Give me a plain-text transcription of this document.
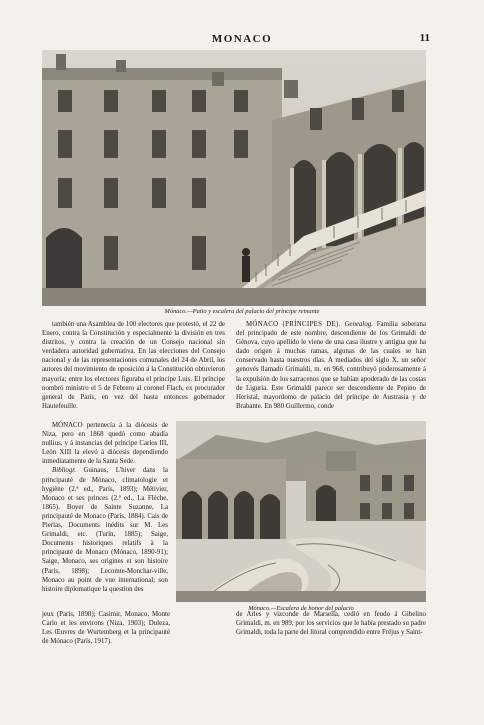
MONACO	11
Mónaco.—Patio y escalera del palacio del príncipe reinante

también una Asamblea de 100 electores que protestó, el 22 de Enero, contra la Constitución y especialmente la división en tres distritos, y contra la creación de un Consejo nacional sin verdadera autoridad gubernativa. En las elecciones del Consejo nacional y de las representaciones comunales del 24 de Abril, los autores del movimiento de oposición á la Constitución obtuvieron mayoría; entre los electores figuraba el príncipe Luis. El príncipe nombró ministro el 5 de Febrero al coronel Flach, ex procurador general de París, en vez del hasta entonces gobernador Hautefeuille.

MÓNACO (PRÍNCIPES DE). Genealog. Familia soberana del principado de este nombre, descendiente de los Grimaldi de Génova, cuyo apellido le viene de una casa ilustre y antigua que ha dado origen á muchas ramas, algunas de las cuales se han conservado hasta nuestros días. A mediados del siglo X, un señor genovés llamado Grimaldi, m. en 968, contribuyó poderosamente á la expulsión de los sarracenos que se habían apoderado de las costas de Liguria. Este Grimaldi parece ser descendiente de Pepino de Heristal, mayordomo de palacio del príncipe de Austrasia y de Brabante. En 980 Guillermo, conde

MÓNACO pertenecía á la diócesis de Niza, pero en 1868 quedó como abadía nullius, y á instancias del príncipe Carlos III, León XIII la elevó á diócesis dependiendo inmediatamente de la Santa Sede.

Bibliogr. Guinaus, L'hiver dans la principauté de Mónaco, climatologie et hygiène (2.ª ed., París, 1893); Métivier, Monaco et ses princes (2.ª ed., La Flèche, 1865). Boyer de Sainte Suzanne, La principauté de Monaco (París, 1884). Cais de Pierlas, Documents inédits sur M. Les Grimaldi, etc. (Turín, 1885); Saige, Documents historiques relatifs à la principauté de Monaco (Mónaco, 1890-91); Saige, Monaco, ses origines et son histoire (París, 1898); Lecomte-Monchar-ville, Monaco au point de vue international; son histoire diplomatique la question des

Mónaco.—Escalera de honor del palacio

jeux (París, 1898); Casimir, Monaco, Monte Carlo et les environs (Niza, 1903); Duleza, Les Œuvres de Wurtemberg et la principauté de Mónaco (París, 1917).

de Arles y vizconde de Marsella, cedió en feudo á Gibelino Grimaldi, m. en 989, por los servicios que le había prestado su padre Grimaldi, toda la parte del litoral comprendido entre Fréjus y Saint-
